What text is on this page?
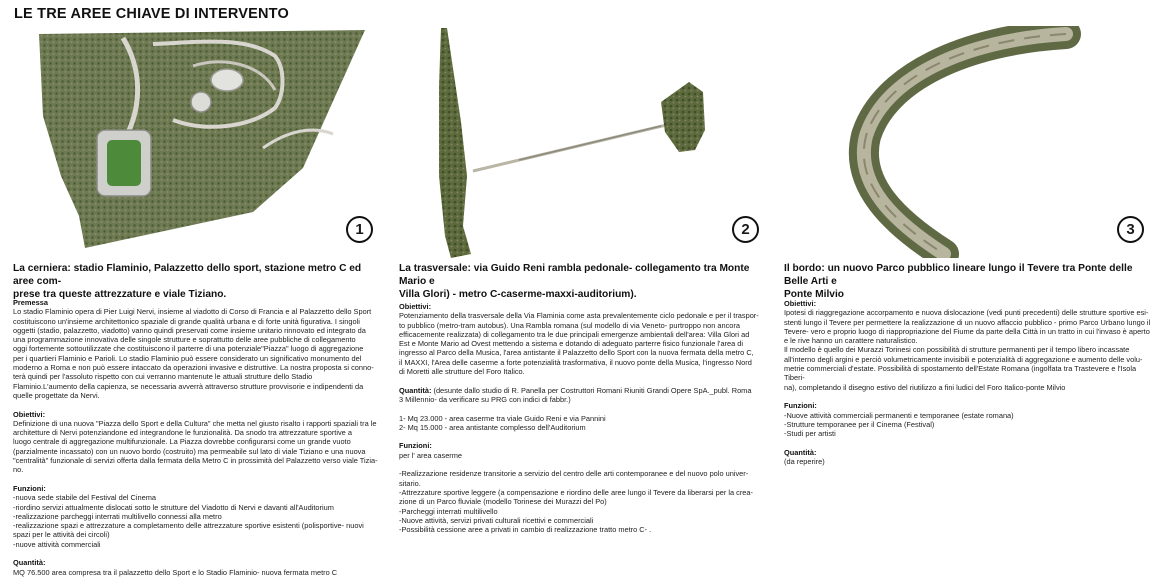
LE TRE AREE CHIAVE DI INTERVENTO
1
La cerniera: stadio Flaminio, Palazzetto dello sport, stazione metro C ed aree com-
prese tra queste attrezzature e viale Tiziano.
Premessa

Lo stadio Flaminio opera di Pier Luigi Nervi, insieme al viadotto di Corso di Francia e al Palazzetto dello Sport
costituiscono un'insieme architettonico spaziale di grande qualità urbana e di forte unità figurativa. I singoli
oggetti (stadio, palazzetto, viadotto) vanno quindi preservati come insieme unitario rinnovato ed integrato da
una programmazione innovativa delle singole strutture e soprattutto delle aree pubbliche di collegamento
oggi fortemente sottoutilizzate che costituiscono il parterre di una potenziale"Piazza" luogo di aggregazione
per i quartieri Flaminio e Parioli. Lo stadio Flaminio può essere considerato un significativo monumento del
moderno a Roma e non può essere intaccato da operazioni invasive e distruttive. La nostra proposta si conno-
terà quindi per l'assoluto rispetto con cui verranno mantenute le attuali strutture dello Stadio
Flaminio.L'aumento della capienza, se necessaria avverrà attraverso strutture provvisorie e indipendenti da
quelle progettate da Nervi.

Obiettivi:

Definizione di una nuova "Piazza dello Sport e della Cultura" che metta nel giusto risalto i rapporti spaziali tra le
architetture di Nervi potenziandone ed integrandone le funzionalità. Da snodo tra attrezzature sportive a
luogo centrale di aggregazione multifunzionale. La Piazza dovrebbe configurarsi come un grande vuoto
(parzialmente incassato) con un nuovo bordo (costruito) ma permeabile sul lato di viale Tiziano e una nuova
"centralità" funzionale di servizi offerta dalla fermata della Metro C in prossimità del Palazzetto verso viale Tizia-
no.

Funzioni:
-nuova sede stabile del Festival del Cinema
-riordino servizi attualmente dislocati sotto le strutture del Viadotto di Nervi e davanti all'Auditorium
-realizzazione parcheggi interrati multilivello connessi alla metro
-realizzazione spazi e attrezzature a completamento delle attrezzature sportive esistenti (polisportive- nuovi
spazi per le attività dei circoli)
-nuove attività commerciali
Quantità:

MQ 76.500 area compresa tra il palazzetto dello Sport e lo Stadio Flaminio- nuova fermata metro C

2
La trasversale: via Guido Reni rambla pedonale- collegamento tra Monte Mario e
Villa Glori) - metro C-caserme-maxxi-auditorium).
Obiettivi:

Potenziamento della trasversale della Via Flaminia come asta prevalentemente ciclo pedonale e per il traspor-
to pubblico (metro-tram autobus). Una Rambla romana (sul modello di via Veneto- purtroppo non ancora
efficacemente realizzata) di collegamento tra le due principali emergenze ambientali dell'area: Villa Glori ad
Est e Monte Mario ad Ovest mettendo a sistema e dotando di adeguato parterre fisico funzionale l'area di
ingresso al Parco della Musica, l'area antistante il Palazzetto dello Sport con la nuova fermata della metro C,
il MAXXI, l'Area delle caserme a forte potenzialità trasformativa, il nuovo ponte della Musica, l'ingresso Nord
di Moretti alle strutture del Foro Italico.

Quantità: (desunte dallo studio di R. Panella per Costruttori Romani Riuniti Grandi Opere SpA._publ. Roma
3 Millennio- da verificare su PRG con indici di fabbr.)

1- Mq 23.000 - area caserme tra viale Guido Reni e via Pannini
2- Mq 15.000 - area antistante complesso dell'Auditorium
Funzioni:
per l' area caserme
-Realizzazione residenze transitorie a servizio del centro delle arti contemporanee e del nuovo polo univer-
sitario.
-Attrezzature sportive leggere (a compensazione e riordino delle aree lungo il Tevere da liberarsi per la crea-
zione di un Parco fluviale (modello Torinese dei Murazzi del Po)
-Parcheggi interrati multilivello
-Nuove attività, servizi privati culturali ricettivi e commerciali
-Possibilità cessione aree a privati in cambio di realizzazione tratto metro C- .
3
Il bordo: un nuovo Parco pubblico lineare lungo il Tevere tra Ponte delle Belle Arti e
Ponte Milvio
Obiettivi:

Ipotesi di riaggregazione accorpamento e nuova dislocazione (vedi punti precedenti) delle strutture sportive esi-
stenti lungo il Tevere per permettere la realizzazione di un nuovo affaccio pubblico - primo Parco Urbano lungo il
Tevere- vero e proprio luogo di riappropriazione del Fiume da parte della Città in un tratto in cui l'invaso è aperto
e le rive hanno un carattere naturalistico.
Il modello è quello dei Murazzi Torinesi con possibilità di strutture permanenti per il tempo libero incassate
all'interno degli argini e perciò volumetricamente invisibili e potenzialità di aggregazione e aumento delle volu-
metrie commerciali d'estate. Possibilità di spostamento dell'Estate Romana (ingolfata tra Trastevere e l'Isola Tiberi-
na), completando il disegno estivo del riutilizzo a fini ludici del Foro Italico-ponte Milvio

Funzioni:
-Nuove attività commerciali permanenti e temporanee (estate romana)
-Strutture temporanee per il Cinema (Festival)
-Studi per artisti
Quantità:

(da reperire)
